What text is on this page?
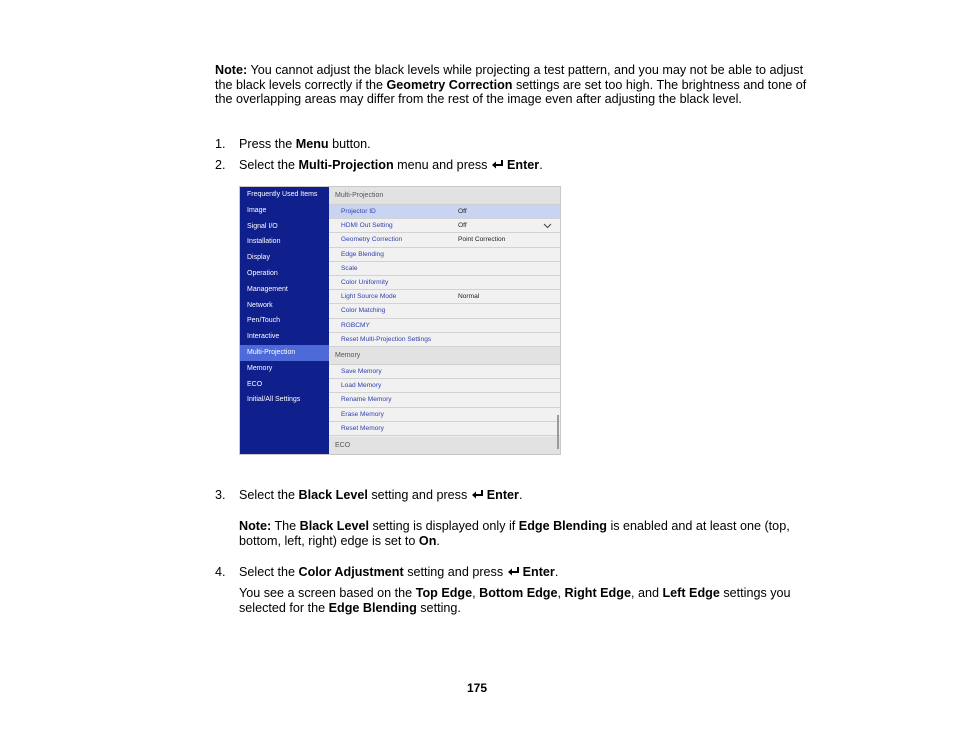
Note: You cannot adjust the black levels while projecting a test pattern, and you may not be able to adjust the black levels correctly if the Geometry Correction settings are set too high. The brightness and tone of the overlapping areas may differ from the rest of the image even after adjusting the black level.
1.	Press the Menu button.
2.	Select the Multi-Projection menu and press Enter.
Frequently Used Items
Image
Signal I/O
Installation
Display
Operation
Management
Network
Pen/Touch
Interactive
Multi-Projection
Memory
ECO
Initial/All Settings
Multi-Projection
Projector ID	Off
HDMI Out Setting	Off
Geometry Correction	Point Correction
Edge Blending
Scale
Color Uniformity
Light Source Mode	Normal
Color Matching
RGBCMY
Reset Multi-Projection Settings
Memory
Save Memory
Load Memory
Rename Memory
Erase Memory
Reset Memory
ECO
3.	Select the Black Level setting and press Enter.
Note: The Black Level setting is displayed only if Edge Blending is enabled and at least one (top, bottom, left, right) edge is set to On.
4.	Select the Color Adjustment setting and press Enter.
You see a screen based on the Top Edge, Bottom Edge, Right Edge, and Left Edge settings you selected for the Edge Blending setting.
175
